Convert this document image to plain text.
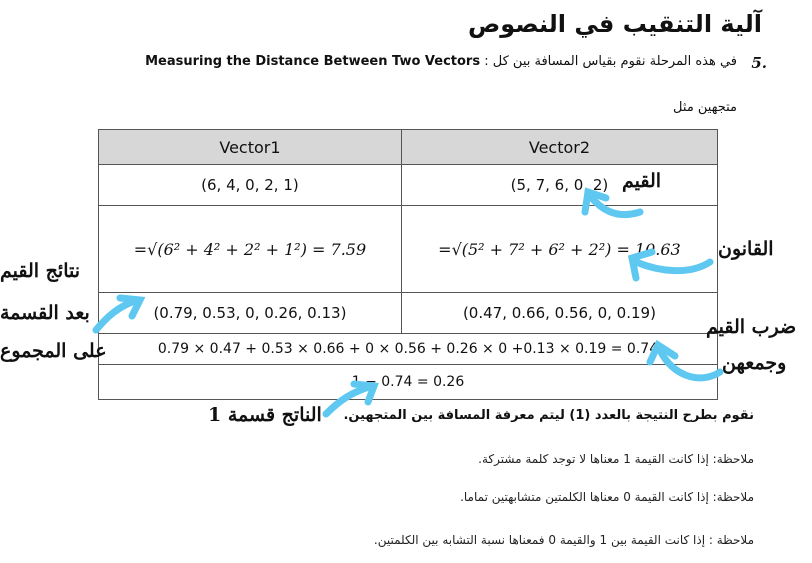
آلية التنقيب في النصوص
5.
في هذه المرحلة نقوم بقياس المسافة بين كل : Measuring the Distance Between Two Vectors
متجهين مثل
Vector1	Vector2
(6, 4, 0, 2, 1)	(5, 7, 6, 0, 2)
=√(6² + 4² + 2² + 1²) = 7.59	=√(5² + 7² + 6² + 2²) = 10.63
(0.79, 0.53, 0, 0.26, 0.13)	(0.47, 0.66, 0.56, 0, 0.19)
0.79 × 0.47 + 0.53 × 0.66 + 0 × 0.56 + 0.26 × 0 +0.13 × 0.19 = 0.74	
1 − 0.74 = 0.26	
القيم
القانون
ضرب القيم
وجمعهن
نتائج القيم
بعد القسمة
على المجموع
الناتج قسمة 1 نقوم بطرح النتيجة بالعدد (1) ليتم معرفة المسافة بين المتجهين.
ملاحظة: إذا كانت القيمة 1 معناها لا توجد كلمة مشتركة.
ملاحظة: إذا كانت القيمة 0 معناها الكلمتين متشابهتين تماما.
ملاحظة : إذا كانت القيمة بين 1 والقيمة 0 فمعناها نسبة التشابه بين الكلمتين.
